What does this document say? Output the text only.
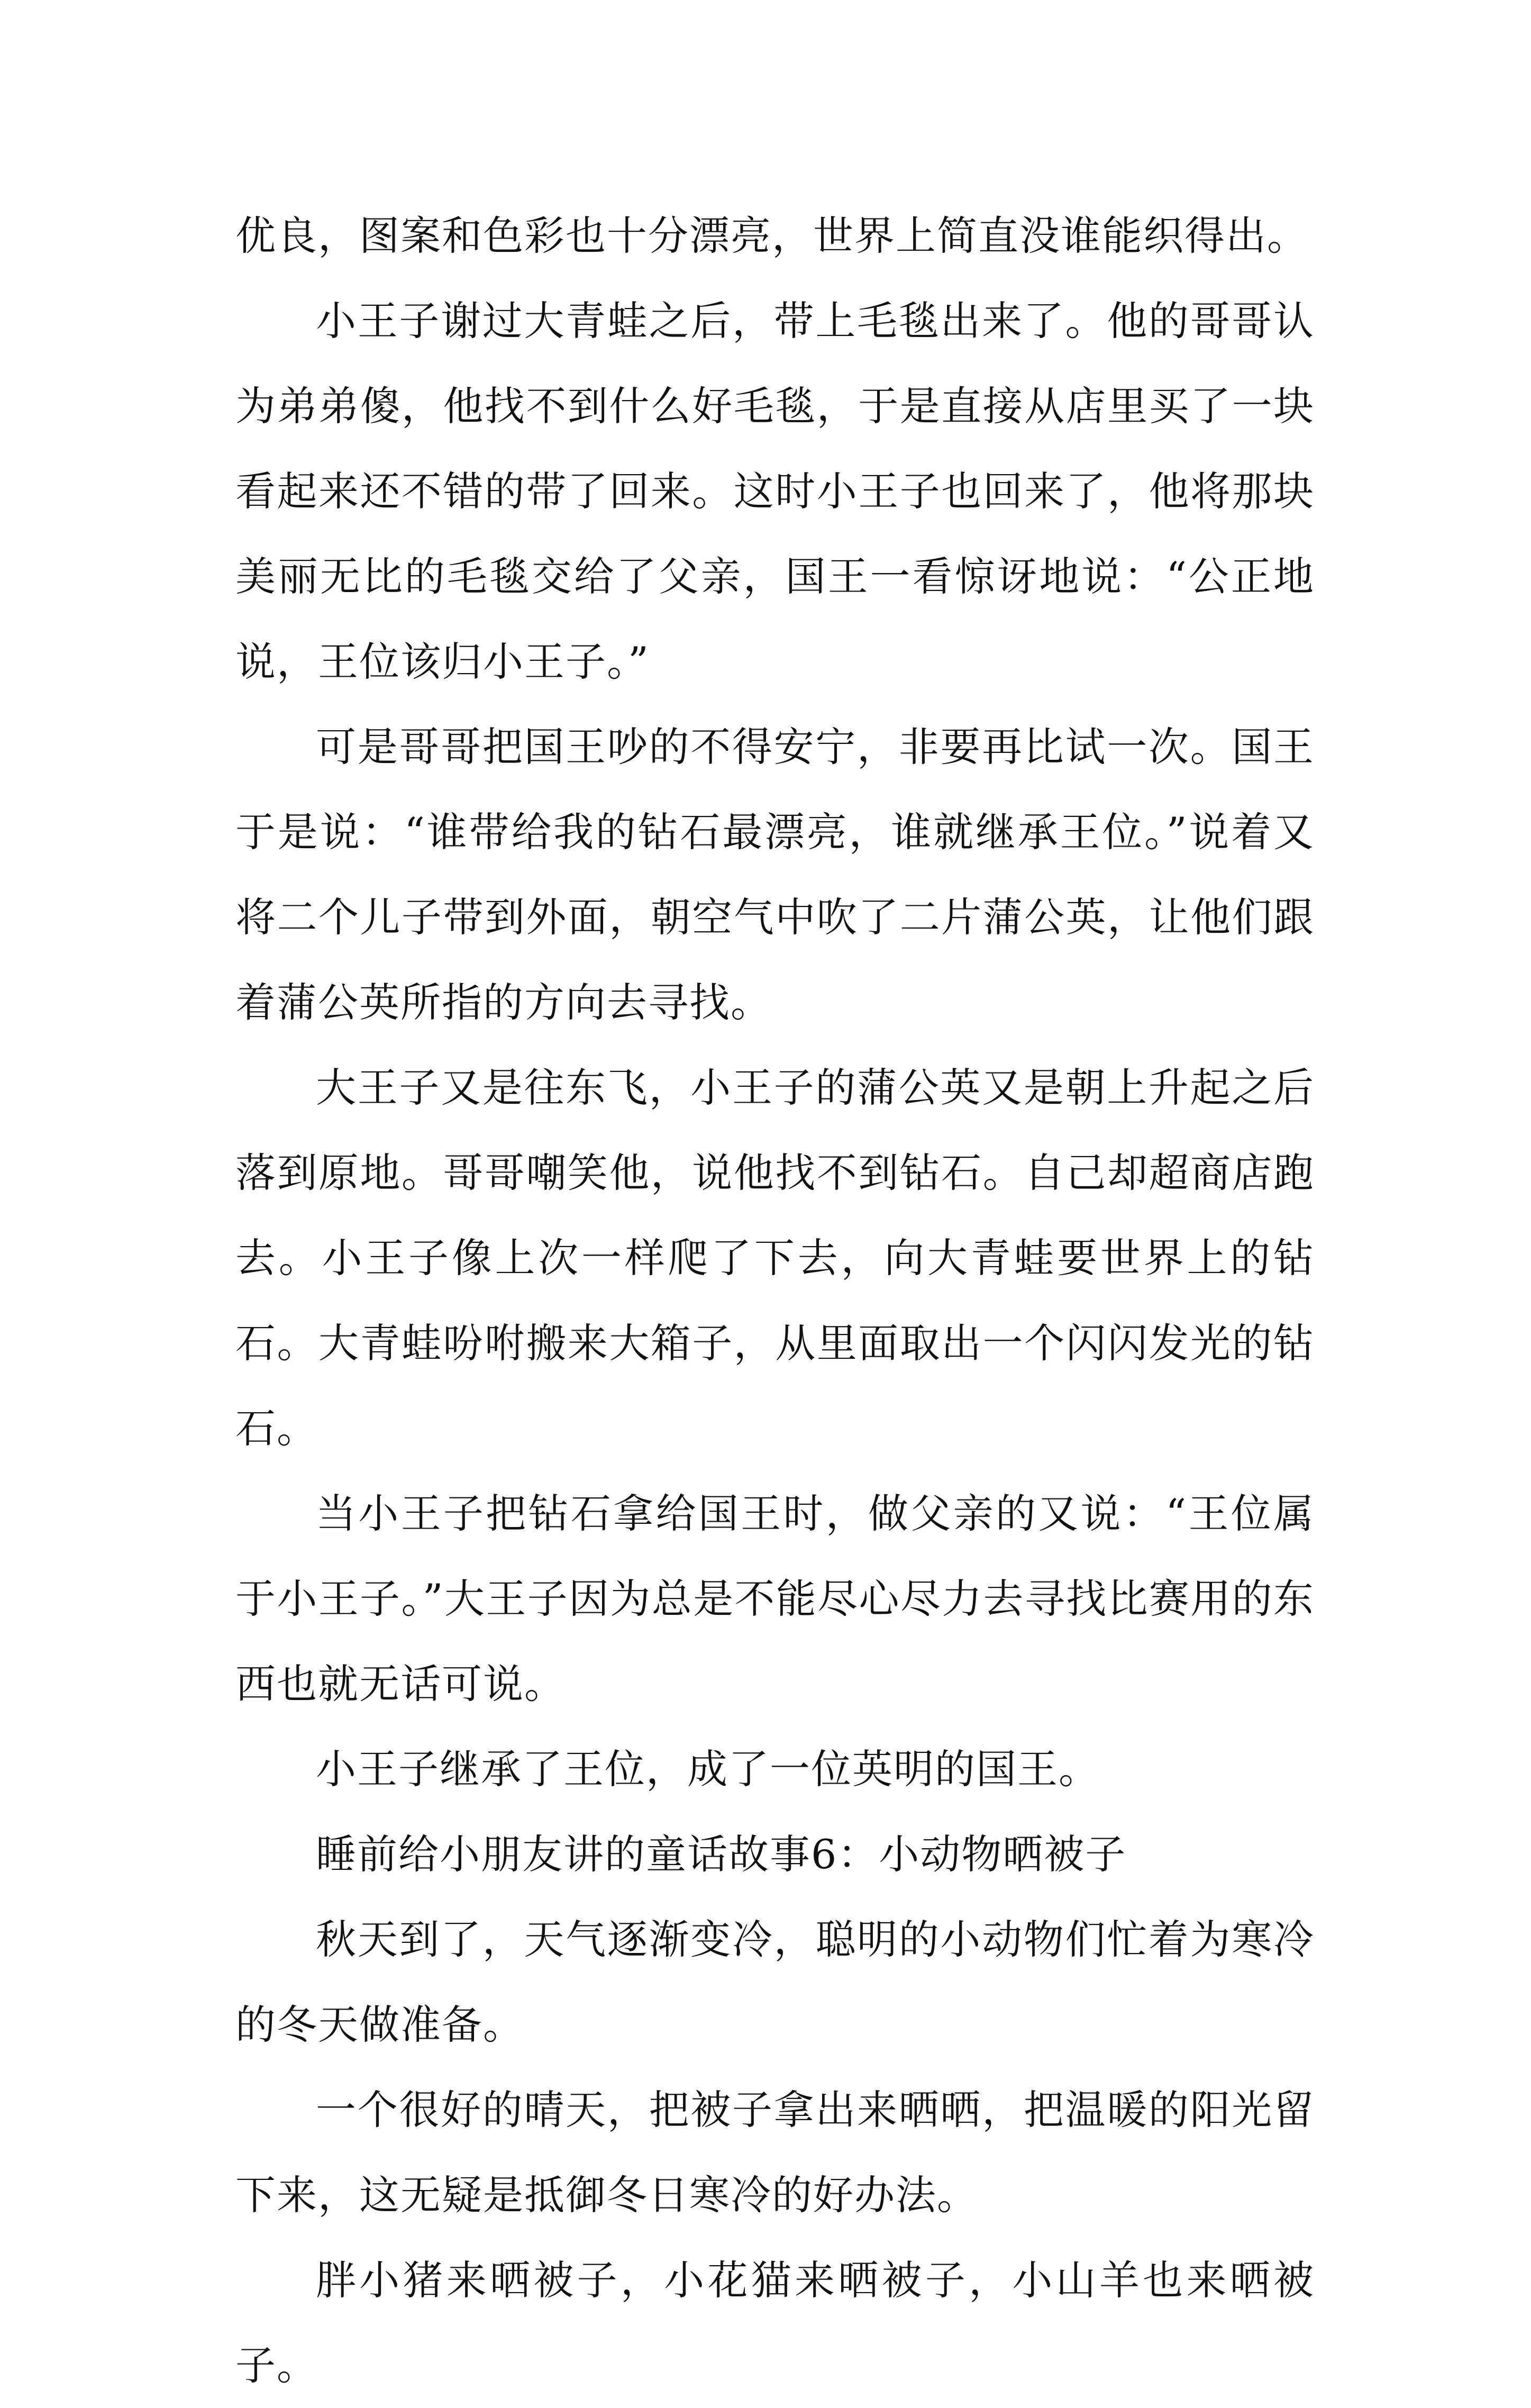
优良，图案和色彩也十分漂亮，世界上简直没谁能织得出。

小王子谢过大青蛙之后，带上毛毯出来了。他的哥哥认为弟弟傻，他找不到什么好毛毯，于是直接从店里买了一块看起来还不错的带了回来。这时小王子也回来了，他将那块美丽无比的毛毯交给了父亲，国王一看惊讶地说：“公正地说，王位该归小王子。”

可是哥哥把国王吵的不得安宁，非要再比试一次。国王于是说：“谁带给我的钻石最漂亮，谁就继承王位。”说着又将二个儿子带到外面，朝空气中吹了二片蒲公英，让他们跟着蒲公英所指的方向去寻找。

大王子又是往东飞，小王子的蒲公英又是朝上升起之后落到原地。哥哥嘲笑他，说他找不到钻石。自己却超商店跑去。小王子像上次一样爬了下去，向大青蛙要世界上的钻石。大青蛙吩咐搬来大箱子，从里面取出一个闪闪发光的钻石。

当小王子把钻石拿给国王时，做父亲的又说：“王位属于小王子。”大王子因为总是不能尽心尽力去寻找比赛用的东西也就无话可说。

小王子继承了王位，成了一位英明的国王。

睡前给小朋友讲的童话故事6：小动物晒被子

秋天到了，天气逐渐变冷，聪明的小动物们忙着为寒冷的冬天做准备。

一个很好的晴天，把被子拿出来晒晒，把温暖的阳光留下来，这无疑是抵御冬日寒冷的好办法。

胖小猪来晒被子，小花猫来晒被子，小山羊也来晒被子。
